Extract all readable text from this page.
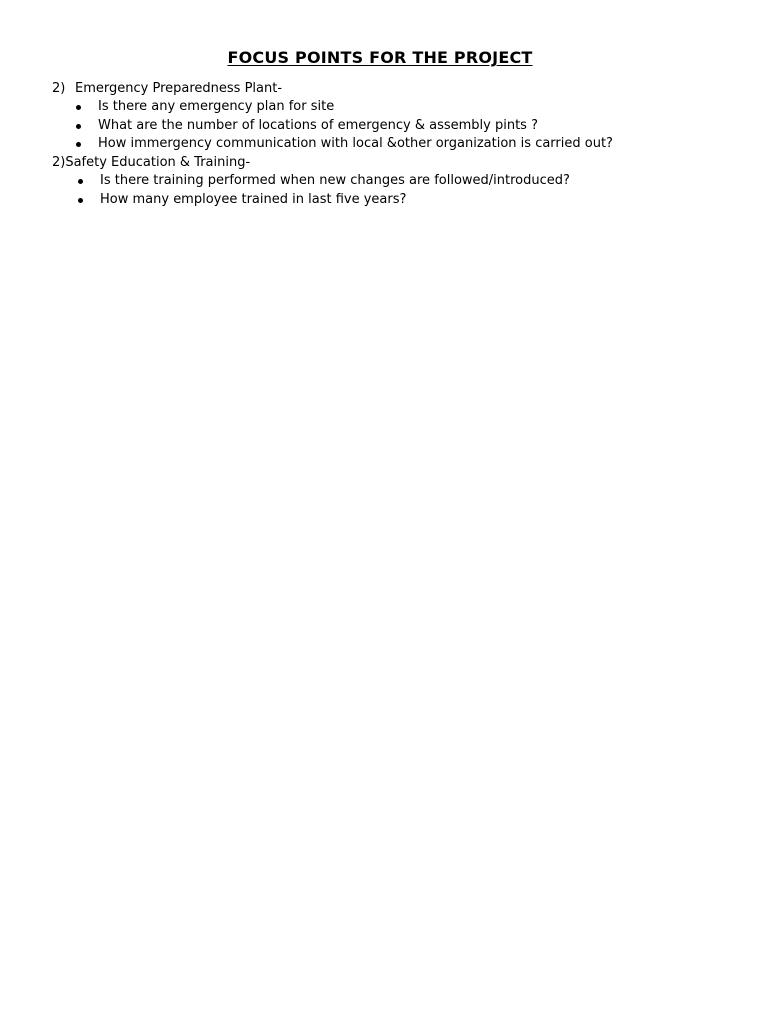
FOCUS POINTS FOR THE PROJECT
2) Emergency Preparedness Plant-
Is there any emergency plan for site
What are the number of locations of emergency & assembly pints ?
How immergency communication with local &other organization is carried out?
2)Safety Education & Training-
Is there training performed when new changes are followed/introduced?
How many employee trained in last five years?
